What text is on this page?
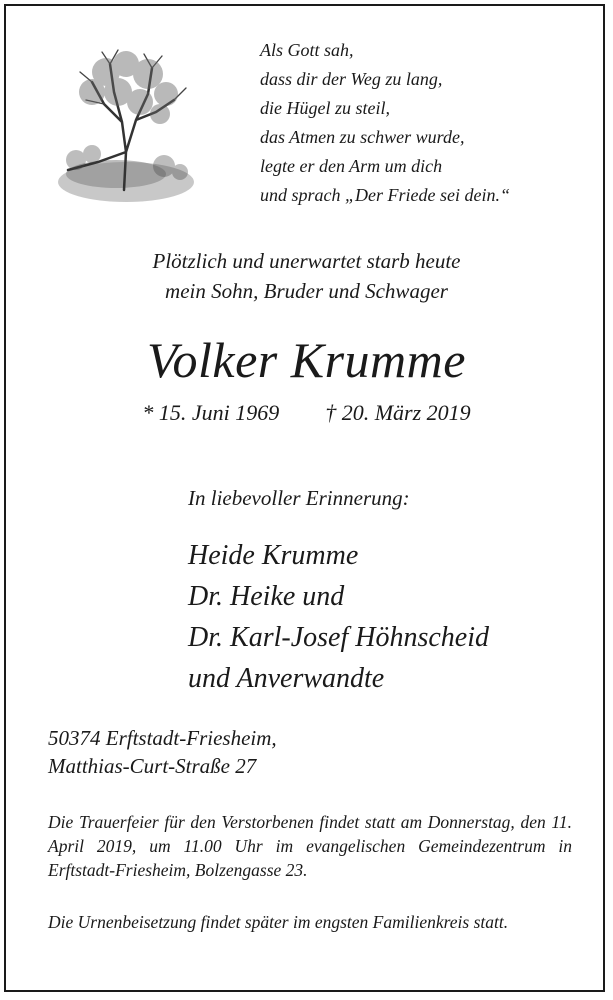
Als Gott sah,
dass dir der Weg zu lang,
die Hügel zu steil,
das Atmen zu schwer wurde,
legte er den Arm um dich
und sprach „Der Friede sei dein.“
Plötzlich und unerwartet starb heute
mein Sohn, Bruder und Schwager
Volker Krumme
* 15. Juni 1969 † 20. März 2019
In liebevoller Erinnerung:
Heide Krumme
Dr. Heike und
Dr. Karl-Josef Höhnscheid
und Anverwandte
50374 Erftstadt-Friesheim,
Matthias-Curt-Straße 27
Die Trauerfeier für den Verstorbenen findet statt am Donnerstag, den 11. April 2019, um 11.00 Uhr im evangelischen Gemeindezentrum in Erftstadt-Friesheim, Bolzengasse 23.
Die Urnenbeisetzung findet später im engsten Familienkreis statt.
